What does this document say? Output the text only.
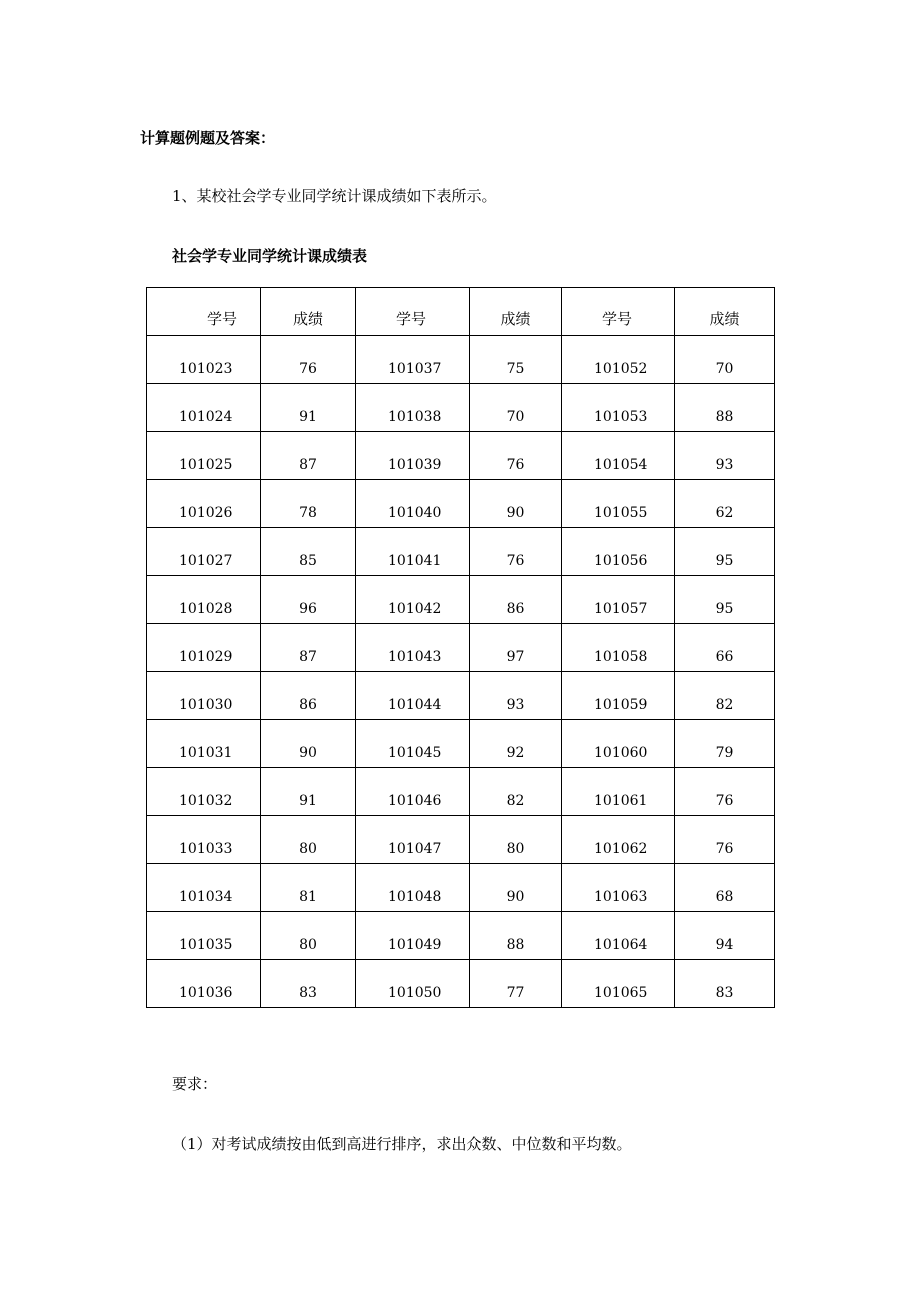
计算题例题及答案：
1、某校社会学专业同学统计课成绩如下表所示。
社会学专业同学统计课成绩表
学号	成绩	学号	成绩	学号	成绩
101023	76	101037	75	101052	70
101024	91	101038	70	101053	88
101025	87	101039	76	101054	93
101026	78	101040	90	101055	62
101027	85	101041	76	101056	95
101028	96	101042	86	101057	95
101029	87	101043	97	101058	66
101030	86	101044	93	101059	82
101031	90	101045	92	101060	79
101032	91	101046	82	101061	76
101033	80	101047	80	101062	76
101034	81	101048	90	101063	68
101035	80	101049	88	101064	94
101036	83	101050	77	101065	83
要求：
（1）对考试成绩按由低到高进行排序，求出众数、中位数和平均数。
